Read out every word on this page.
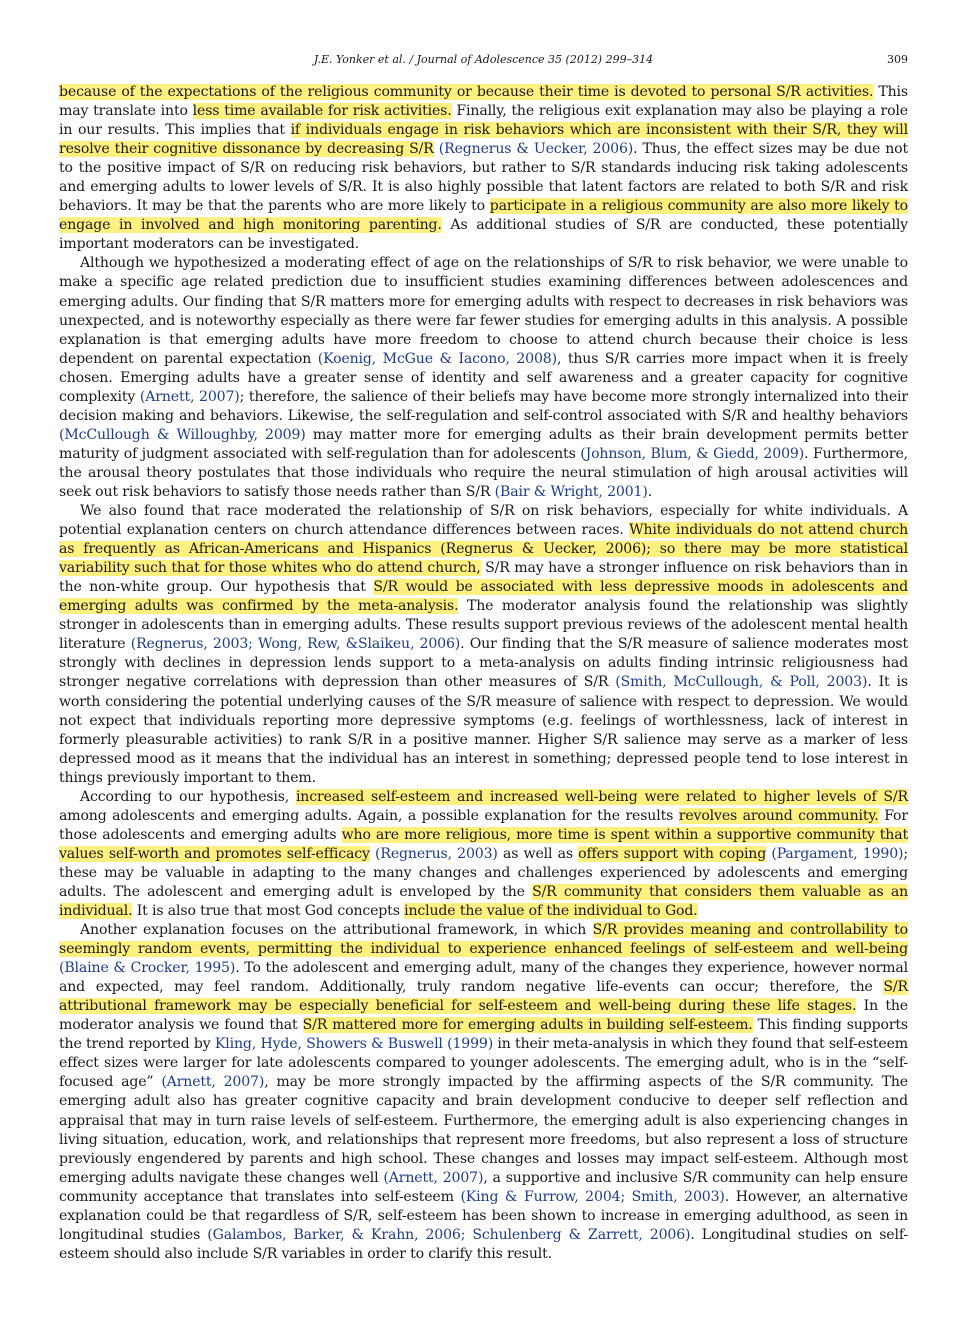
J.E. Yonker et al. / Journal of Adolescence 35 (2012) 299–314	309

because of the expectations of the religious community or because their time is devoted to personal S/R activities. This may translate into less time available for risk activities. Finally, the religious exit explanation may also be playing a role in our results. This implies that if individuals engage in risk behaviors which are inconsistent with their S/R, they will resolve their cognitive dissonance by decreasing S/R (Regnerus & Uecker, 2006). Thus, the effect sizes may be due not to the positive impact of S/R on reducing risk behaviors, but rather to S/R standards inducing risk taking adolescents and emerging adults to lower levels of S/R. It is also highly possible that latent factors are related to both S/R and risk behaviors. It may be that the parents who are more likely to participate in a religious community are also more likely to engage in involved and high monitoring parenting. As additional studies of S/R are conducted, these potentially important moderators can be investigated.

Although we hypothesized a moderating effect of age on the relationships of S/R to risk behavior, we were unable to make a specific age related prediction due to insufficient studies examining differences between adolescences and emerging adults. Our finding that S/R matters more for emerging adults with respect to decreases in risk behaviors was unexpected, and is noteworthy especially as there were far fewer studies for emerging adults in this analysis. A possible explanation is that emerging adults have more freedom to choose to attend church because their choice is less dependent on parental expectation (Koenig, McGue & Iacono, 2008), thus S/R carries more impact when it is freely chosen. Emerging adults have a greater sense of identity and self awareness and a greater capacity for cognitive complexity (Arnett, 2007); therefore, the salience of their beliefs may have become more strongly internalized into their decision making and behaviors. Likewise, the self-regulation and self-control associated with S/R and healthy behaviors (McCullough & Willoughby, 2009) may matter more for emerging adults as their brain development permits better maturity of judgment associated with self-regulation than for adolescents (Johnson, Blum, & Giedd, 2009). Furthermore, the arousal theory postulates that those individuals who require the neural stimulation of high arousal activities will seek out risk behaviors to satisfy those needs rather than S/R (Bair & Wright, 2001).

We also found that race moderated the relationship of S/R on risk behaviors, especially for white individuals. A potential explanation centers on church attendance differences between races. White individuals do not attend church as frequently as African-Americans and Hispanics (Regnerus & Uecker, 2006); so there may be more statistical variability such that for those whites who do attend church, S/R may have a stronger influence on risk behaviors than in the non-white group. Our hypothesis that S/R would be associated with less depressive moods in adolescents and emerging adults was confirmed by the meta-analysis. The moderator analysis found the relationship was slightly stronger in adolescents than in emerging adults. These results support previous reviews of the adolescent mental health literature (Regnerus, 2003; Wong, Rew, &Slaikeu, 2006). Our finding that the S/R measure of salience moderates most strongly with declines in depression lends support to a meta-analysis on adults finding intrinsic religiousness had stronger negative correlations with depression than other measures of S/R (Smith, McCullough, & Poll, 2003). It is worth considering the potential underlying causes of the S/R measure of salience with respect to depression. We would not expect that individuals reporting more depressive symptoms (e.g. feelings of worthlessness, lack of interest in formerly pleasurable activities) to rank S/R in a positive manner. Higher S/R salience may serve as a marker of less depressed mood as it means that the individual has an interest in something; depressed people tend to lose interest in things previously important to them.

According to our hypothesis, increased self-esteem and increased well-being were related to higher levels of S/R among adolescents and emerging adults. Again, a possible explanation for the results revolves around community. For those adolescents and emerging adults who are more religious, more time is spent within a supportive community that values self-worth and promotes self-efficacy (Regnerus, 2003) as well as offers support with coping (Pargament, 1990); these may be valuable in adapting to the many changes and challenges experienced by adolescents and emerging adults. The adolescent and emerging adult is enveloped by the S/R community that considers them valuable as an individual. It is also true that most God concepts include the value of the individual to God.

Another explanation focuses on the attributional framework, in which S/R provides meaning and controllability to seemingly random events, permitting the individual to experience enhanced feelings of self-esteem and well-being (Blaine & Crocker, 1995). To the adolescent and emerging adult, many of the changes they experience, however normal and expected, may feel random. Additionally, truly random negative life-events can occur; therefore, the S/R attributional framework may be especially beneficial for self-esteem and well-being during these life stages. In the moderator analysis we found that S/R mattered more for emerging adults in building self-esteem. This finding supports the trend reported by Kling, Hyde, Showers & Buswell (1999) in their meta-analysis in which they found that self-esteem effect sizes were larger for late adolescents compared to younger adolescents. The emerging adult, who is in the “self-focused age” (Arnett, 2007), may be more strongly impacted by the affirming aspects of the S/R community. The emerging adult also has greater cognitive capacity and brain development conducive to deeper self reflection and appraisal that may in turn raise levels of self-esteem. Furthermore, the emerging adult is also experiencing changes in living situation, education, work, and relationships that represent more freedoms, but also represent a loss of structure previously engendered by parents and high school. These changes and losses may impact self-esteem. Although most emerging adults navigate these changes well (Arnett, 2007), a supportive and inclusive S/R community can help ensure community acceptance that translates into self-esteem (King & Furrow, 2004; Smith, 2003). However, an alternative explanation could be that regardless of S/R, self-esteem has been shown to increase in emerging adulthood, as seen in longitudinal studies (Galambos, Barker, & Krahn, 2006; Schulenberg & Zarrett, 2006). Longitudinal studies on self-esteem should also include S/R variables in order to clarify this result.
